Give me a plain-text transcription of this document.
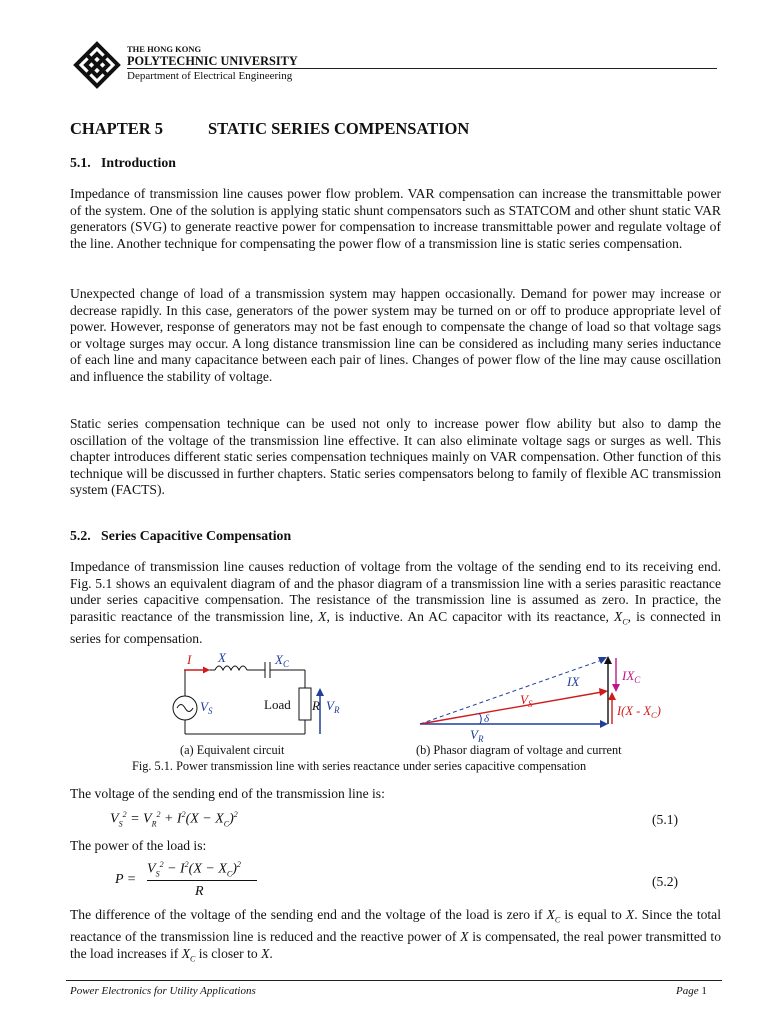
THE HONG KONG
POLYTECHNIC UNIVERSITY
Department of Electrical Engineering
CHAPTER 5	STATIC SERIES COMPENSATION
5.1.   Introduction

Impedance of transmission line causes power flow problem. VAR compensation can increase the transmittable power of the system. One of the solution is applying static shunt compensators such as STATCOM and other shunt static VAR generators (SVG) to generate reactive power for compensation to increase transmittable power and regulate voltage of the line. Another technique for compensating the power flow of a transmission line is static series compensation.

Unexpected change of load of a transmission system may happen occasionally. Demand for power may increase or decrease rapidly. In this case, generators of the power system may be turned on or off to produce appropriate level of power. However, response of generators may not be fast enough to compensate the change of load so that voltage sags or voltage surges may occur. A long distance transmission line can be considered as including many series inductance of each line and many capacitance between each pair of lines. Changes of power flow of the line may cause oscillation and influence the stability of voltage.

Static series compensation technique can be used not only to increase power flow ability but also to damp the oscillation of the voltage of the transmission line effective. It can also eliminate voltage sags or surges as well. This chapter introduces different static series compensation techniques mainly on VAR compensation. Other function of this technique will be discussed in further chapters. Static series compensators belong to family of flexible AC transmission system (FACTS).

5.2.   Series Capacitive Compensation

Impedance of transmission line causes reduction of voltage from the voltage of the sending end to its receiving end. Fig. 5.1 shows an equivalent diagram of and the phasor diagram of a transmission line with a series parasitic reactance under series capacitive compensation. The resistance of the transmission line is assumed as zero. In practice, the parasitic reactance of the transmission line, X, is inductive. An AC capacitor with its reactance, $X_C$, is connected in series for compensation.

I X	$X_C$
$V_S$	Load R $V_R$
δ
IX	$IX_C$
$V_S$
$V_R$
$I(X - X_C)$
(a) Equivalent circuit	(b) Phasor diagram of voltage and current
Fig. 5.1. Power transmission line with series reactance under series capacitive compensation
The voltage of the sending end of the transmission line is:
$V_S^2 = V_R^2 + I^2(X - X_C)^2$	(5.1)
The power of the load is:
P =
$V_S^2 - I^2(X - X_C)^2$
R
(5.2)

The difference of the voltage of the sending end and the voltage of the load is zero if $X_C$ is equal to X. Since the total reactance of the transmission line is reduced and the reactive power of X is compensated, the real power transmitted to the load increases if $X_C$ is closer to X.

Power Electronics for Utility Applications	Page 1
